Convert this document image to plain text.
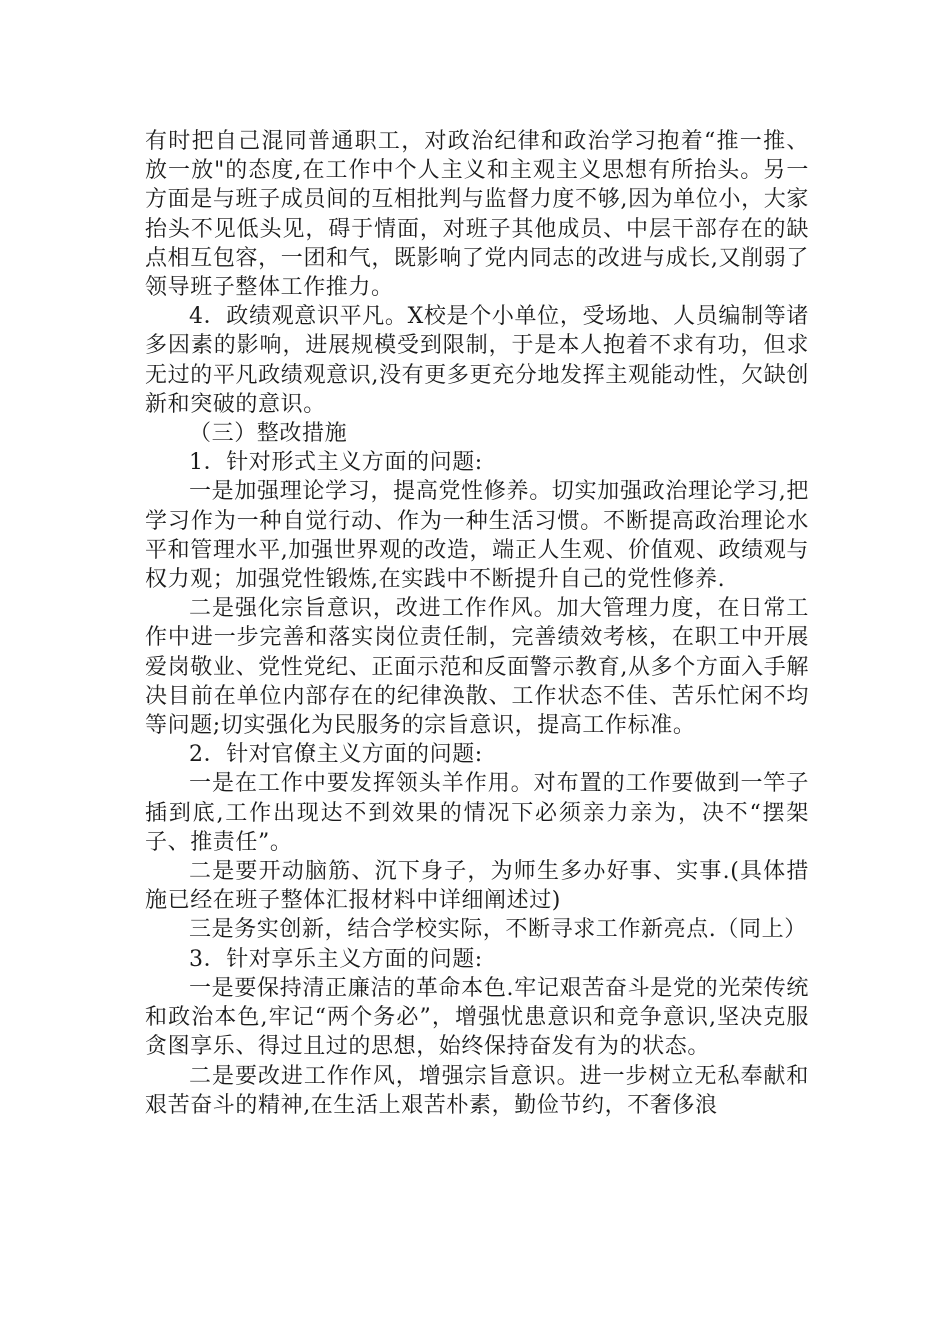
有时把自己混同普通职工，对政治纪律和政治学习抱着“推一推、放一放"的态度,在工作中个人主义和主观主义思想有所抬头。另一方面是与班子成员间的互相批判与监督力度不够,因为单位小，大家抬头不见低头见，碍于情面，对班子其他成员、中层干部存在的缺点相互包容，一团和气，既影响了党内同志的改进与成长,又削弱了领导班子整体工作推力。

4．政绩观意识平凡。X校是个小单位，受场地、人员编制等诸多因素的影响，进展规模受到限制，于是本人抱着不求有功，但求无过的平凡政绩观意识,没有更多更充分地发挥主观能动性，欠缺创新和突破的意识。

（三）整改措施

1．针对形式主义方面的问题:

一是加强理论学习，提高党性修养。切实加强政治理论学习,把学习作为一种自觉行动、作为一种生活习惯。不断提高政治理论水平和管理水平,加强世界观的改造，端正人生观、价值观、政绩观与权力观；加强党性锻炼,在实践中不断提升自己的党性修养.

二是强化宗旨意识，改进工作作风。加大管理力度，在日常工作中进一步完善和落实岗位责任制，完善绩效考核，在职工中开展爱岗敬业、党性党纪、正面示范和反面警示教育,从多个方面入手解决目前在单位内部存在的纪律涣散、工作状态不佳、苦乐忙闲不均等问题;切实强化为民服务的宗旨意识，提高工作标准。

2．针对官僚主义方面的问题:

一是在工作中要发挥领头羊作用。对布置的工作要做到一竿子插到底,工作出现达不到效果的情况下必须亲力亲为，决不“摆架子、推责任”。

二是要开动脑筋、沉下身子，为师生多办好事、实事.(具体措施已经在班子整体汇报材料中详细阐述过)

三是务实创新，结合学校实际，不断寻求工作新亮点.（同上）

3．针对享乐主义方面的问题:

一是要保持清正廉洁的革命本色.牢记艰苦奋斗是党的光荣传统和政治本色,牢记“两个务必”，增强忧患意识和竞争意识,坚决克服贪图享乐、得过且过的思想，始终保持奋发有为的状态。

二是要改进工作作风，增强宗旨意识。进一步树立无私奉献和艰苦奋斗的精神,在生活上艰苦朴素，勤俭节约，不奢侈浪
